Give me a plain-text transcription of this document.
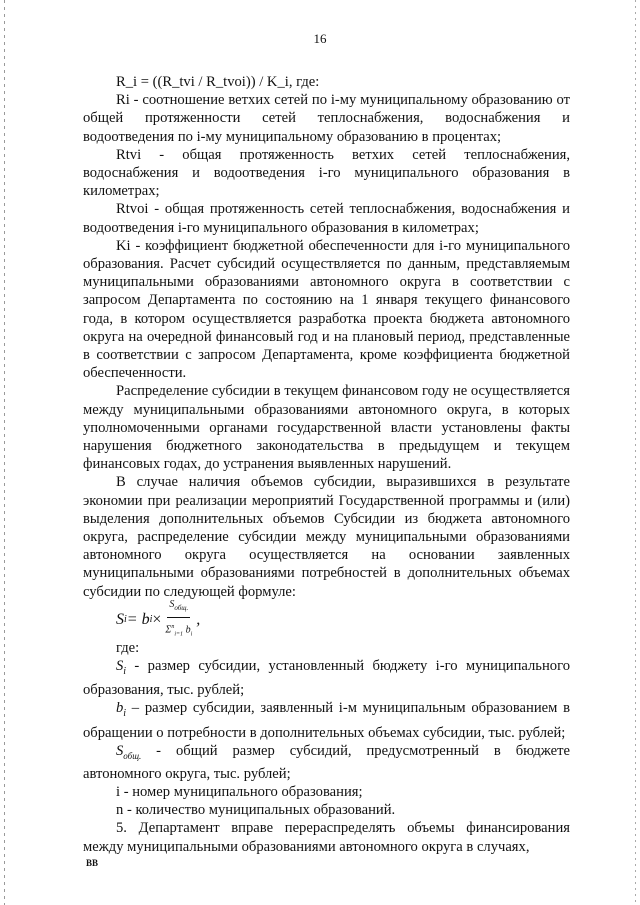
16

R_i = ((R_tvi / R_tvoi)) / K_i, где:

Ri - соотношение ветхих сетей по i-му муниципальному образованию от общей протяженности сетей теплоснабжения, водоснабжения и водоотведения по i-му муниципальному образованию в процентах;

Rtvi - общая протяженность ветхих сетей теплоснабжения, водоснабжения и водоотведения i-го муниципального образования в километрах;

Rtvoi - общая протяженность сетей теплоснабжения, водоснабжения и водоотведения i-го муниципального образования в километрах;

Ki - коэффициент бюджетной обеспеченности для i-го муниципального образования. Расчет субсидий осуществляется по данным, представляемым муниципальными образованиями автономного округа в соответствии с запросом Департамента по состоянию на 1 января текущего финансового года, в котором осуществляется разработка проекта бюджета автономного округа на очередной финансовый год и на плановый период, представленные в соответствии с запросом Департамента, кроме коэффициента бюджетной обеспеченности.

Распределение субсидии в текущем финансовом году не осуществляется между муниципальными образованиями автономного округа, в которых уполномоченными органами государственной власти установлены факты нарушения бюджетного законодательства в предыдущем и текущем финансовых годах, до устранения выявленных нарушений.

В случае наличия объемов субсидии, выразившихся в результате экономии при реализации мероприятий Государственной программы и (или) выделения дополнительных объемов Субсидии из бюджета автономного округа, распределение субсидии между муниципальными образованиями автономного округа осуществляется на основании заявленных муниципальными образованиями потребностей в дополнительных объемах субсидии по следующей формуле:

S i = b $i \times \frac{S_{общ.}}{\Sigma^n_{i=1} b_i}$ ,

где:

$S_i$ - размер субсидии, установленный бюджету i-го муниципального образования, тыс. рублей;

$b_i$ – размер субсидии, заявленный i-м муниципальным образованием в обращении о потребности в дополнительных объемах субсидии, тыс. рублей;

$S_{общ.}$ - общий размер субсидий, предусмотренный в бюджете автономного округа, тыс. рублей;

i - номер муниципального образования;

n - количество муниципальных образований.

5. Департамент вправе перераспределять объемы финансирования между муниципальными образованиями автономного округа в случаях,

ВВ
